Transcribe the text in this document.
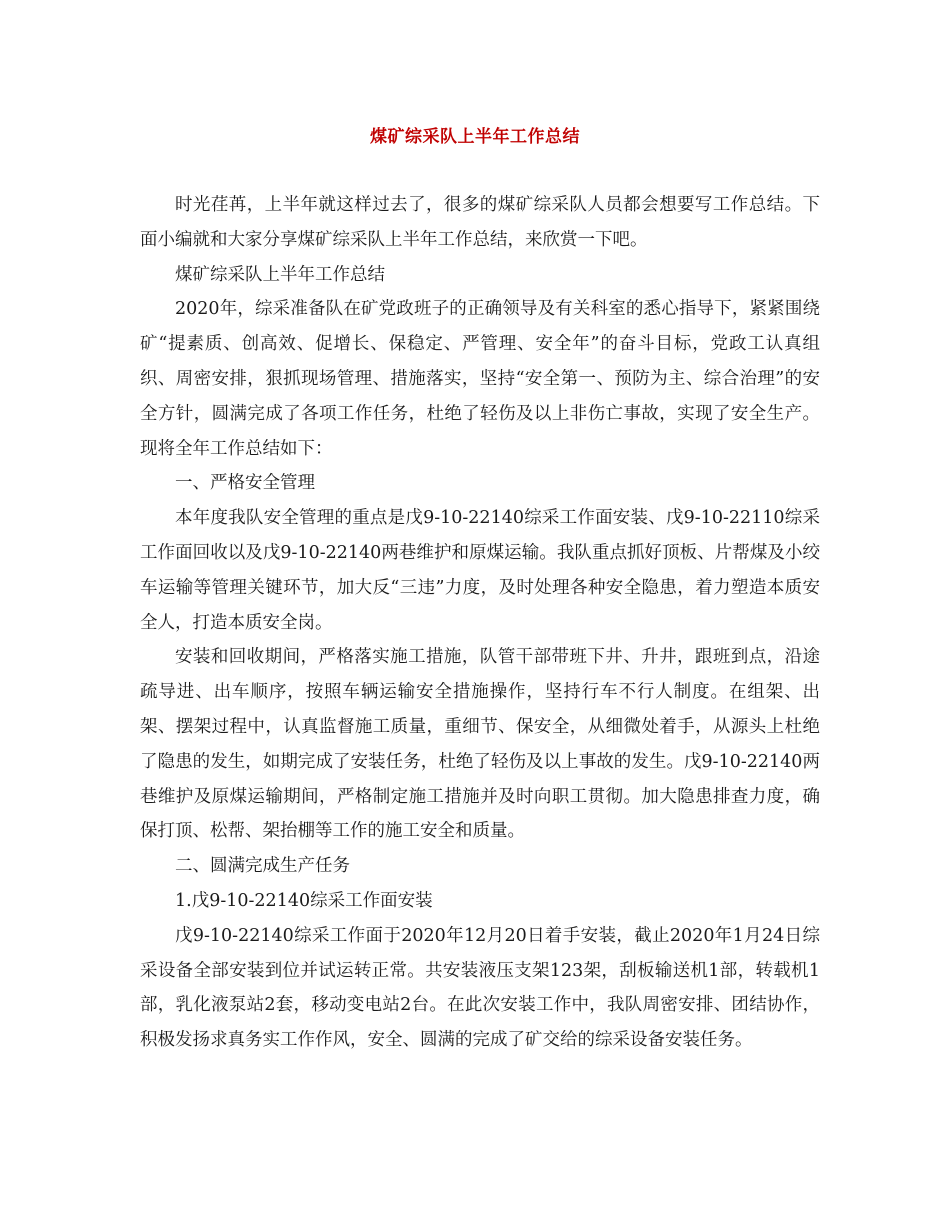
煤矿综采队上半年工作总结

时光荏苒，上半年就这样过去了，很多的煤矿综采队人员都会想要写工作总结。下面小编就和大家分享煤矿综采队上半年工作总结，来欣赏一下吧。

煤矿综采队上半年工作总结

2020年，综采准备队在矿党政班子的正确领导及有关科室的悉心指导下，紧紧围绕矿“提素质、创高效、促增长、保稳定、严管理、安全年”的奋斗目标，党政工认真组织、周密安排，狠抓现场管理、措施落实，坚持“安全第一、预防为主、综合治理”的安全方针，圆满完成了各项工作任务，杜绝了轻伤及以上非伤亡事故，实现了安全生产。现将全年工作总结如下：

一、严格安全管理

本年度我队安全管理的重点是戊9-10-22140综采工作面安装、戊9-10-22110综采工作面回收以及戊9-10-22140两巷维护和原煤运输。我队重点抓好顶板、片帮煤及小绞车运输等管理关键环节，加大反“三违”力度，及时处理各种安全隐患，着力塑造本质安全人，打造本质安全岗。

安装和回收期间，严格落实施工措施，队管干部带班下井、升井，跟班到点，沿途疏导进、出车顺序，按照车辆运输安全措施操作，坚持行车不行人制度。在组架、出架、摆架过程中，认真监督施工质量，重细节、保安全，从细微处着手，从源头上杜绝了隐患的发生，如期完成了安装任务，杜绝了轻伤及以上事故的发生。戊9-10-22140两巷维护及原煤运输期间，严格制定施工措施并及时向职工贯彻。加大隐患排查力度，确保打顶、松帮、架抬棚等工作的施工安全和质量。

二、圆满完成生产任务

1.戊9-10-22140综采工作面安装

戊9-10-22140综采工作面于2020年12月20日着手安装，截止2020年1月24日综采设备全部安装到位并试运转正常。共安装液压支架123架，刮板输送机1部，转载机1部，乳化液泵站2套，移动变电站2台。在此次安装工作中，我队周密安排、团结协作，积极发扬求真务实工作作风，安全、圆满的完成了矿交给的综采设备安装任务。
